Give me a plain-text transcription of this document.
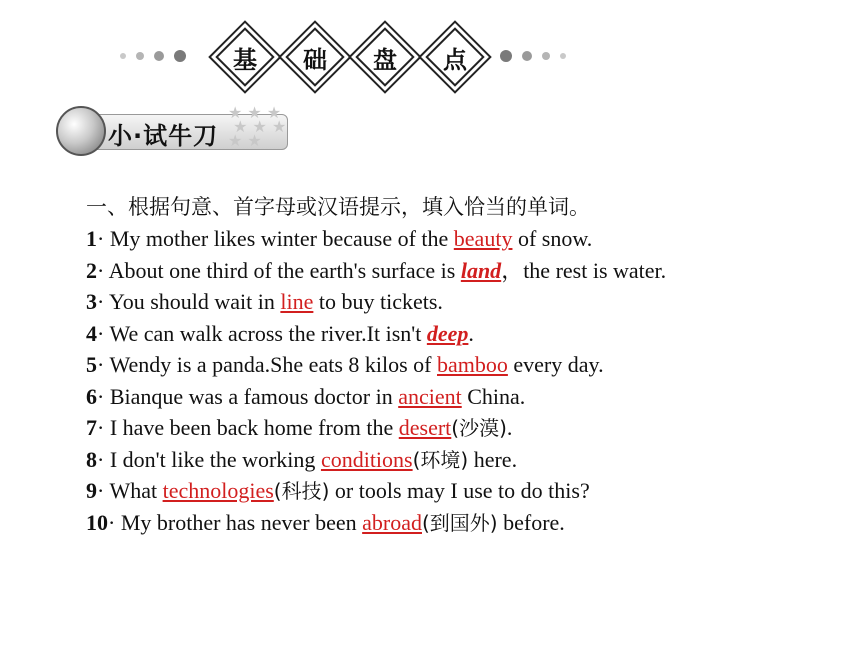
基 础 盘 点
小·试牛刀
★ ★ ★
★ ★ ★
★ ★
一、根据句意、首字母或汉语提示，填入恰当的单词。
1· My mother likes winter because of the beauty of snow.
2· About one third of the earth's surface is land，the rest is water.
3· You should wait in line to buy tickets.
4· We can walk across the river.It isn't deep.
5· Wendy is a panda.She eats 8 kilos of bamboo every day.
6· Bianque was a famous doctor in ancient China.
7· I have been back home from the desert(沙漠).
8· I don't like the working conditions(环境) here.
9· What technologies(科技) or tools may I use to do this?
10· My brother has never been abroad(到国外) before.
